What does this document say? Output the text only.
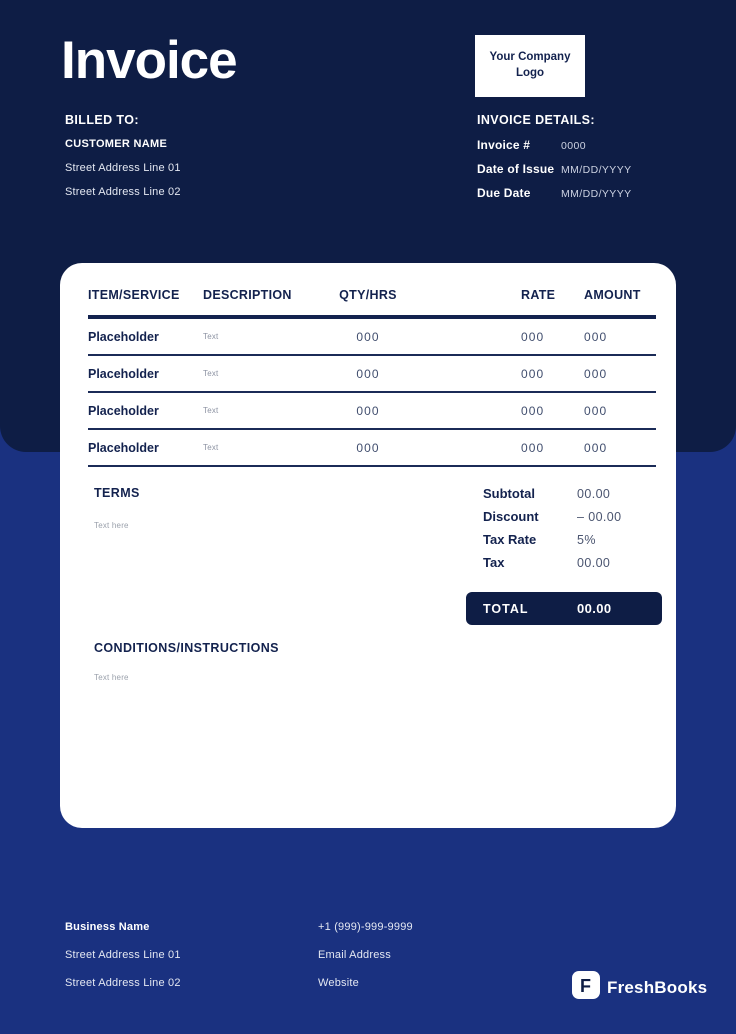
Invoice	Your Company Logo
BILLED TO:
CUSTOMER NAME
Street Address Line 01
Street Address Line 02
INVOICE DETAILS:
Invoice #	0000
Date of Issue MM/DD/YYYY
Due Date	MM/DD/YYYY
ITEM/SERVICE	DESCRIPTION	QTY/HRS	RATE	AMOUNT
Placeholder	Text	000	000	000
Placeholder	Text	000	000	000
Placeholder	Text	000	000	000
Placeholder	Text	000	000	000
TERMS
Text here
Subtotal	00.00
Discount	– 00.00
Tax Rate	5%
Tax	00.00
TOTAL	00.00
CONDITIONS/INSTRUCTIONS
Text here
Business Name
Street Address Line 01
Street Address Line 02
+1 (999)-999-9999
Email Address
Website	F FreshBooks
